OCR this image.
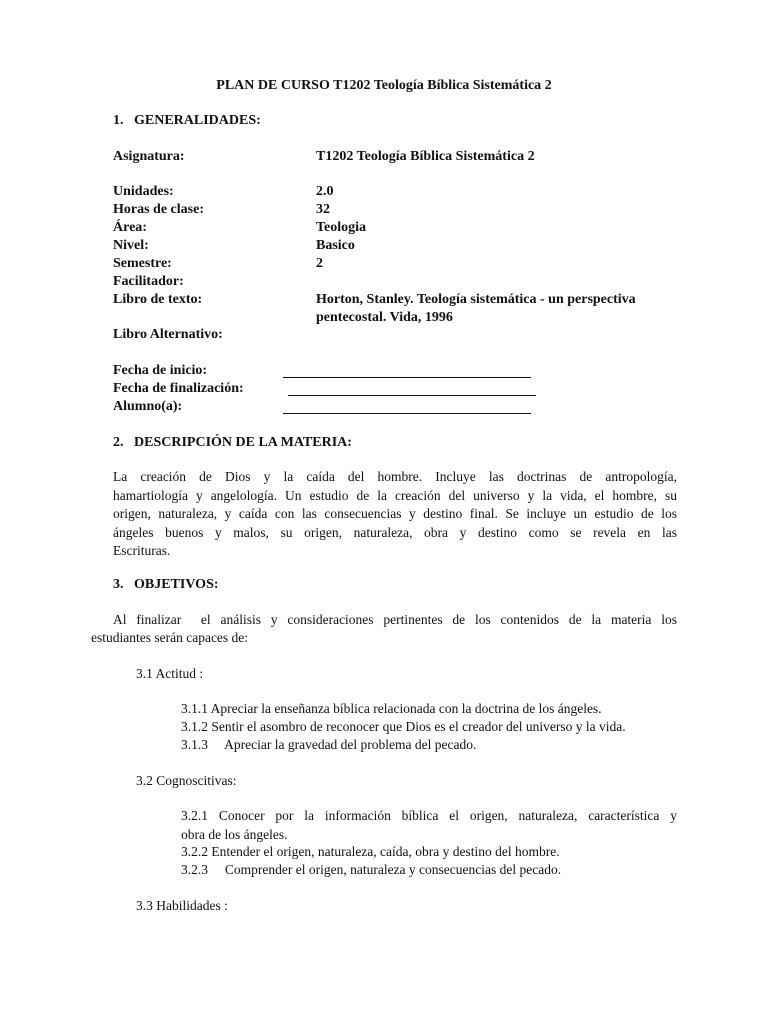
PLAN DE CURSO T1202 Teología Bíblica Sistemática 2
1.   GENERALIDADES:
Asignatura:	T1202 Teología Bíblica Sistemática 2
Unidades:	2.0
Horas de clase:	32
Área:	Teologia
Nivel:	Basico
Semestre:	2
Facilitador:
Libro de texto:	Horton, Stanley. Teología sistemática - un perspectiva
pentecostal. Vida, 1996
Libro Alternativo:
Fecha de inicio:
Fecha de finalización:
Alumno(a):
2.   DESCRIPCIÓN DE LA MATERIA:
La creación de Dios y la caída del hombre. Incluye las doctrinas de antropología,
hamartiología y angelología. Un estudio de la creación del universo y la vida, el hombre, su
origen, naturaleza, y caída con las consecuencias y destino final. Se incluye un estudio de los
ángeles buenos y malos, su origen, naturaleza, obra y destino como se revela en las
Escrituras.
3.   OBJETIVOS:
Al finalizar  el análisis y consideraciones pertinentes de los contenidos de la materia los
estudiantes serán capaces de:
3.1 Actitud :
3.1.1 Apreciar la enseñanza bíblica relacionada con la doctrina de los ángeles.
3.1.2 Sentir el asombro de reconocer que Dios es el creador del universo y la vida.
3.1.3     Apreciar la gravedad del problema del pecado.
3.2 Cognoscitivas:
3.2.1 Conocer por la información bíblica el origen, naturaleza, característica y
obra de los ángeles.
3.2.2 Entender el origen, naturaleza, caída, obra y destino del hombre.
3.2.3     Comprender el origen, naturaleza y consecuencias del pecado.
3.3 Habilidades :
